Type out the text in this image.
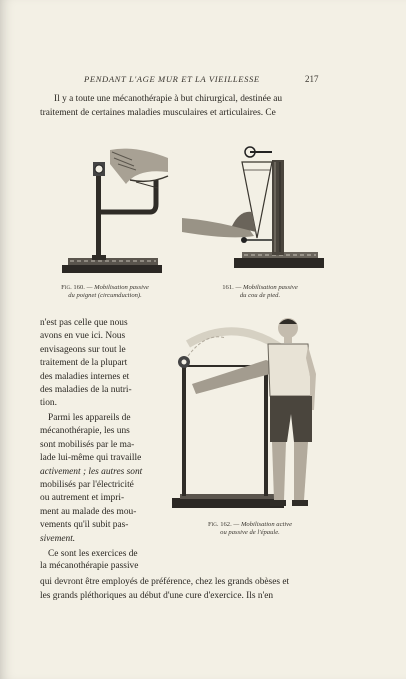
PENDANT L'AGE MUR ET LA VIEILLESSE	217
Il y a toute une mécanothérapie à but chirurgical, destinée au
traitement de certaines maladies musculaires et articulaires. Ce
Fig. 160. — Mobilisation passive
du poignet (circumduction).
161. — Mobilisation passive
du cou de pied.
n'est pas celle que nous
avons en vue ici. Nous
envisageons sur tout le
traitement de la plupart
des maladies internes et
des maladies de la nutri-
tion.
Parmi les appareils de
mécanothérapie, les uns
sont mobilisés par le ma-
lade lui-même qui travaille
activement ; les autres sont
mobilisés par l'électricité
ou autrement et impri-
ment au malade des mou-
vements qu'il subit pas-
sivement.
Ce sont les exercices de
la mécanothérapie passive
Fig. 162. — Mobilisation active
ou passive de l'épaule.
qui devront être employés de préférence, chez les grands obèses et
les grands pléthoriques au début d'une cure d'exercice. Ils n'en
